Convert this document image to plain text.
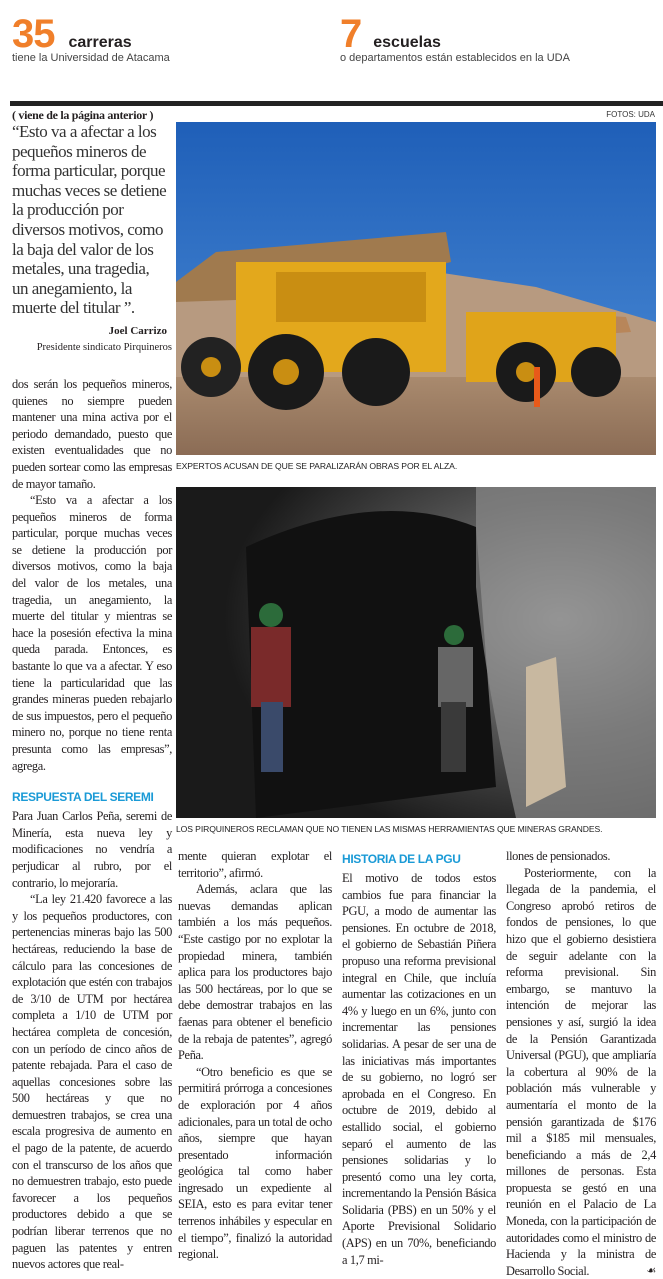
35 carreras
tiene la Universidad de Atacama
7 escuelas
o departamentos están establecidos en la UDA
FOTOS: UDA
( viene de la página anterior )
“Esto va a afectar a los pequeños mineros de forma particular, porque muchas veces se detiene la producción por diversos motivos, como la baja del valor de los metales, una tragedia, un anegamiento, la muerte del titular ”.
Joel Carrizo
Presidente sindicato Pirquineros

dos serán los pequeños mineros, quienes no siempre pueden mantener una mina activa por el periodo demandado, puesto que existen eventualidades que no pueden sortear como las empresas de mayor tamaño.

“Esto va a afectar a los pequeños mineros de forma particular, porque muchas veces se detiene la producción por diversos motivos, como la baja del valor de los metales, una tragedia, un anegamiento, la muerte del titular y mientras se hace la posesión efectiva la mina queda parada. Entonces, es bastante lo que va a afectar. Y eso tiene la particularidad que las grandes mineras pueden rebajarlo de sus impuestos, pero el pequeño minero no, porque no tiene renta presunta como las empresas”, agrega.

RESPUESTA DEL SEREMI

Para Juan Carlos Peña, seremi de Minería, esta nueva ley y modificaciones no vendría a perjudicar al rubro, por el contrario, lo mejoraría.

“La ley 21.420 favorece a las y los pequeños productores, con pertenencias mineras bajo las 500 hectáreas, reduciendo la base de cálculo para las concesiones de explotación que estén con trabajos de 3/10 de UTM por hectárea completa a 1/10 de UTM por hectárea completa de concesión, con un período de cinco años de patente rebajada. Para el caso de aquellas concesiones sobre las 500 hectáreas y que no demuestren trabajos, se crea una escala progresiva de aumento en el pago de la patente, de acuerdo con el transcurso de los años que no demuestren trabajo, esto puede favorecer a los pequeños productores debido a que se podrían liberar terrenos que no paguen las patentes y entren nuevos actores que real-

EXPERTOS ACUSAN DE QUE SE PARALIZARÁN OBRAS POR EL ALZA.
LOS PIRQUINEROS RECLAMAN QUE NO TIENEN LAS MISMAS HERRAMIENTAS QUE MINERAS GRANDES.

mente quieran explotar el territorio”, afirmó.

Además, aclara que las nuevas demandas aplican también a los más pequeños. “Este castigo por no explotar la propiedad minera, también aplica para los productores bajo las 500 hectáreas, por lo que se debe demostrar trabajos en las faenas para obtener el beneficio de la rebaja de patentes”, agregó Peña.

“Otro beneficio es que se permitirá prórroga a concesiones de exploración por 4 años adicionales, para un total de ocho años, siempre que hayan presentado información geológica tal como haber ingresado un expediente al SEIA, esto es para evitar tener terrenos inhábiles y especular en el tiempo”, finalizó la autoridad regional.

HISTORIA DE LA PGU

El motivo de todos estos cambios fue para financiar la PGU, a modo de aumentar las pensiones. En octubre de 2018, el gobierno de Sebastián Piñera propuso una reforma previsional integral en Chile, que incluía aumentar las cotizaciones en un 4% y luego en un 6%, junto con incrementar las pensiones solidarias. A pesar de ser una de las iniciativas más importantes de su gobierno, no logró ser aprobada en el Congreso. En octubre de 2019, debido al estallido social, el gobierno separó el aumento de las pensiones solidarias y lo presentó como una ley corta, incrementando la Pensión Básica Solidaria (PBS) en un 50% y el Aporte Previsional Solidario (APS) en un 70%, beneficiando a 1,7 mi-

llones de pensionados.

Posteriormente, con la llegada de la pandemia, el Congreso aprobó retiros de fondos de pensiones, lo que hizo que el gobierno desistiera de seguir adelante con la reforma previsional. Sin embargo, se mantuvo la intención de mejorar las pensiones y así, surgió la idea de la Pensión Garantizada Universal (PGU), que ampliaría la cobertura al 90% de la población más vulnerable y aumentaría el monto de la pensión garantizada de $176 mil a $185 mil mensuales, beneficiando a más de 2,4 millones de personas. Esta propuesta se gestó en una reunión en el Palacio de La Moneda, con la participación de autoridades como el ministro de Hacienda y la ministra de Desarrollo Social.	☙
